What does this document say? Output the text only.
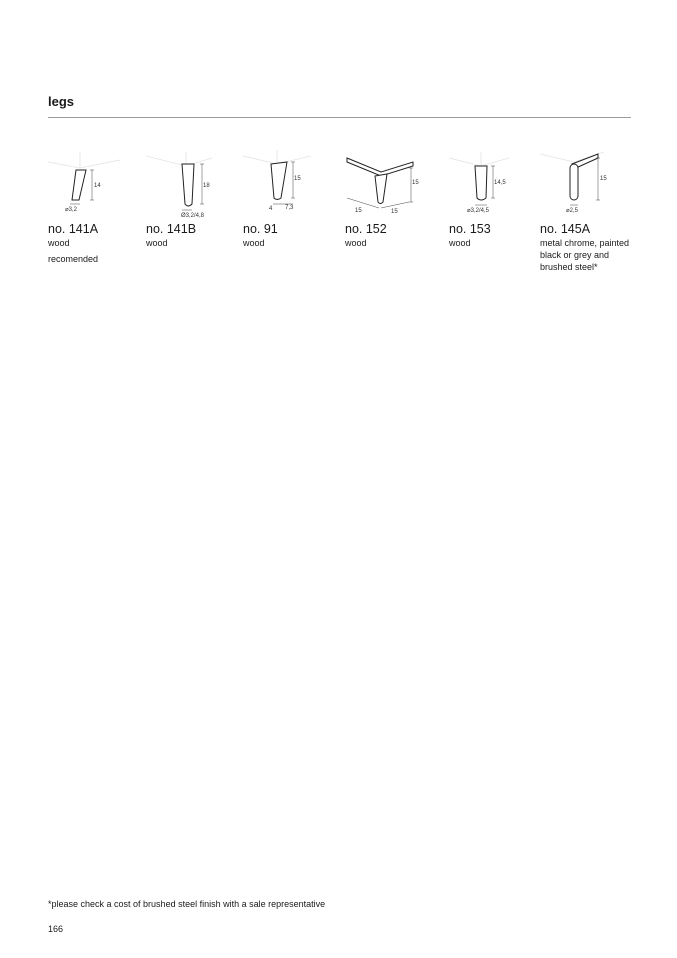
legs
14
⌀3,2
no. 141A
wood
recomended
18
Ø3,2/4,8
no. 141B
wood
15
4 7,3
no. 91
wood
15
15	15
no. 152
wood
14,5
⌀3,2/4,5
no. 153
wood
15
⌀2,5
no. 145A
metal chrome, painted black or grey and brushed steel*
*please check a cost of brushed steel finish with a sale representative
166
